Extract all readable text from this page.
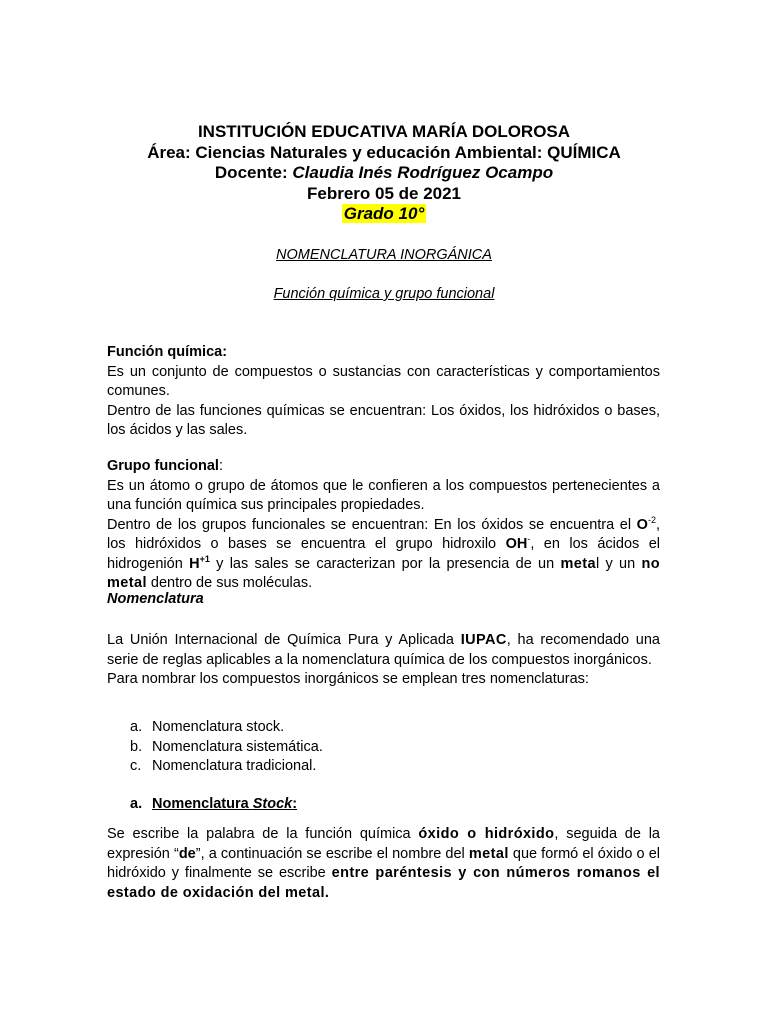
INSTITUCIÓN EDUCATIVA MARÍA DOLOROSA
Área: Ciencias Naturales y educación Ambiental: QUÍMICA
Docente: Claudia Inés Rodríguez Ocampo
Febrero 05 de 2021
Grado 10°
NOMENCLATURA INORGÁNICA
Función química y grupo funcional

Función química:

Es un conjunto de compuestos o sustancias con características y comportamientos comunes.

Dentro de las funciones químicas se encuentran: Los óxidos, los hidróxidos o bases, los ácidos y las sales.

Grupo funcional:

Es un átomo o grupo de átomos que le confieren a los compuestos pertenecientes a una función química sus principales propiedades.

Dentro de los grupos funcionales se encuentran: En los óxidos se encuentra el $O^{-2}$, los hidróxidos o bases se encuentra el grupo hidroxilo OH-, en los ácidos el hidrogenión $H^{+1}$ y las sales se caracterizan por la presencia de un metal y un no metal dentro de sus moléculas.

Nomenclatura

La Unión Internacional de Química Pura y Aplicada IUPAC, ha recomendado una serie de reglas aplicables a la nomenclatura química de los compuestos inorgánicos.

Para nombrar los compuestos inorgánicos se emplean tres nomenclaturas:

a. Nomenclatura stock.
b. Nomenclatura sistemática.
c. Nomenclatura tradicional.
a. Nomenclatura Stock:

Se escribe la palabra de la función química óxido o hidróxido, seguida de la expresión “de”, a continuación se escribe el nombre del metal que formó el óxido o el hidróxido y finalmente se escribe entre paréntesis y con números romanos el estado de oxidación del metal.
